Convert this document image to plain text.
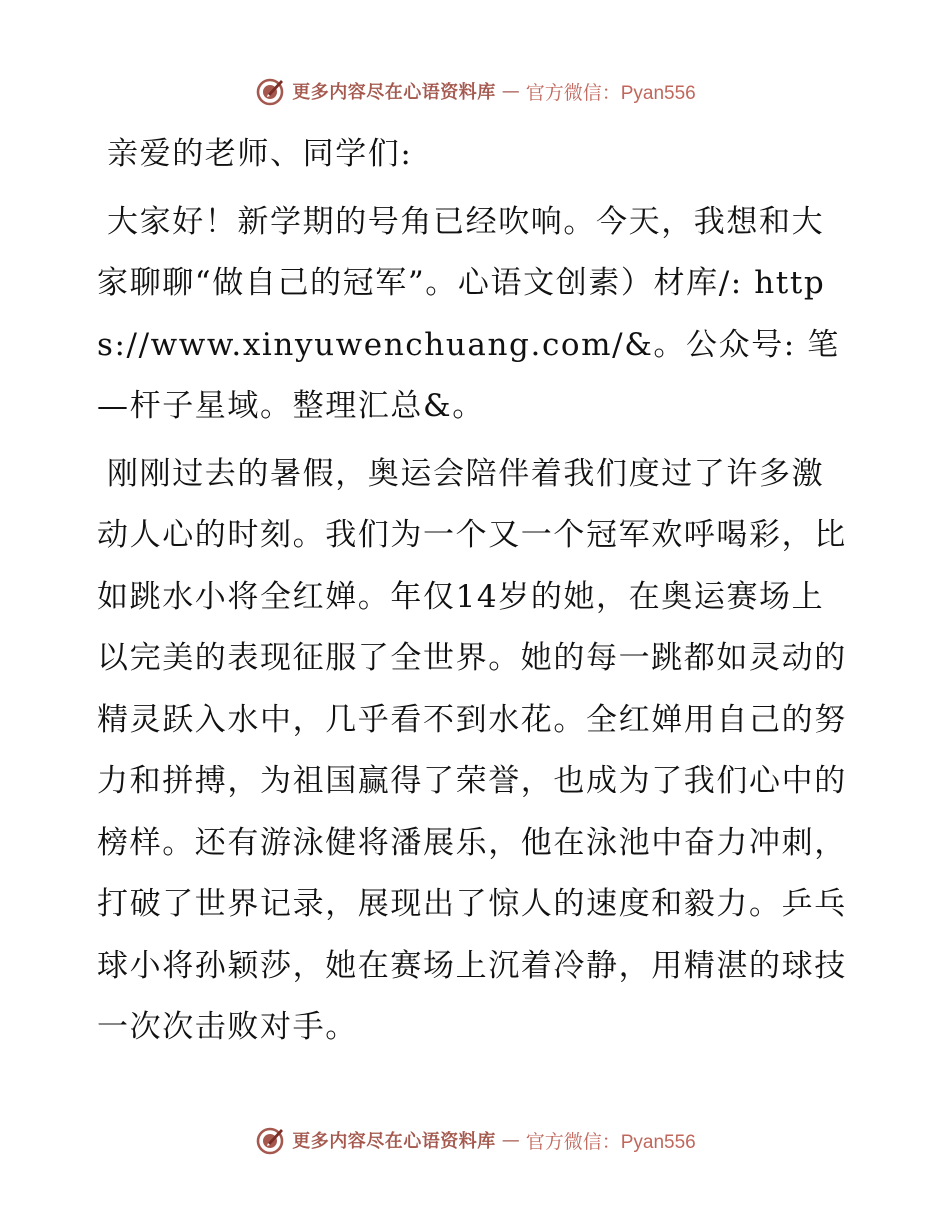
更多内容尽在心语资料库 — 官方微信：Pyan556

亲爱的老师、同学们:

大家好！新学期的号角已经吹响。今天，我想和大家聊聊“做自己的冠军”。心语文创素）材库/: https://www.xinyuwenchuang.com/&。公众号: 笔—杆子星域。整理汇总&。

刚刚过去的暑假，奥运会陪伴着我们度过了许多激动人心的时刻。我们为一个又一个冠军欢呼喝彩，比如跳水小将全红婵。年仅14岁的她，在奥运赛场上以完美的表现征服了全世界。她的每一跳都如灵动的精灵跃入水中，几乎看不到水花。全红婵用自己的努力和拼搏，为祖国赢得了荣誉，也成为了我们心中的榜样。还有游泳健将潘展乐，他在泳池中奋力冲刺，打破了世界记录，展现出了惊人的速度和毅力。乒乓球小将孙颖莎，她在赛场上沉着冷静，用精湛的球技一次次击败对手。

更多内容尽在心语资料库 — 官方微信：Pyan556
